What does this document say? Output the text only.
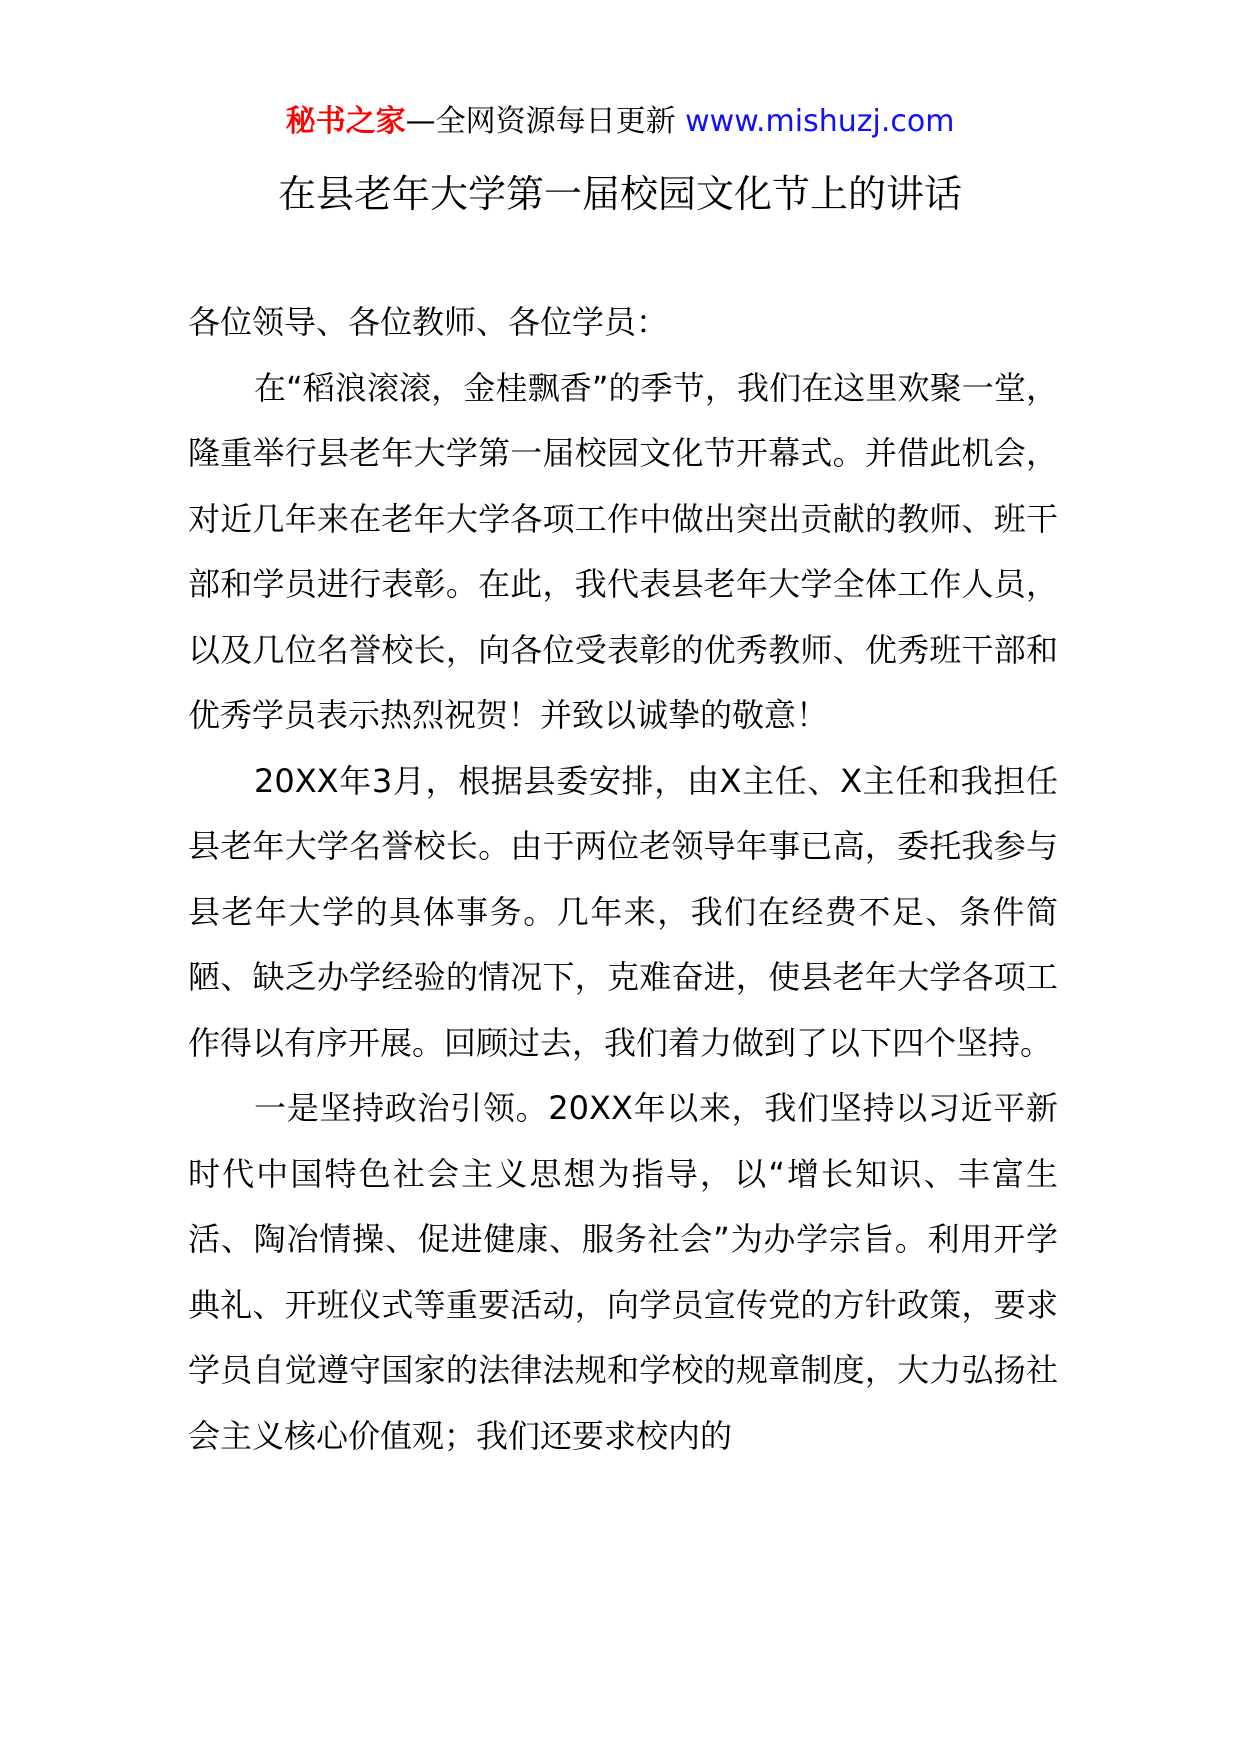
秘书之家—全网资源每日更新 www.mishuzj.com
在县老年大学第一届校园文化节上的讲话

各位领导、各位教师、各位学员：

在“稻浪滚滚，金桂飘香”的季节，我们在这里欢聚一堂，隆重举行县老年大学第一届校园文化节开幕式。并借此机会，对近几年来在老年大学各项工作中做出突出贡献的教师、班干部和学员进行表彰。在此，我代表县老年大学全体工作人员，以及几位名誉校长，向各位受表彰的优秀教师、优秀班干部和优秀学员表示热烈祝贺！并致以诚挚的敬意！

20XX年3月，根据县委安排，由X主任、X主任和我担任县老年大学名誉校长。由于两位老领导年事已高，委托我参与县老年大学的具体事务。几年来，我们在经费不足、条件简陋、缺乏办学经验的情况下，克难奋进，使县老年大学各项工作得以有序开展。回顾过去，我们着力做到了以下四个坚持。

一是坚持政治引领。20XX年以来，我们坚持以习近平新时代中国特色社会主义思想为指导，以“增长知识、丰富生活、陶冶情操、促进健康、服务社会”为办学宗旨。利用开学典礼、开班仪式等重要活动，向学员宣传党的方针政策，要求学员自觉遵守国家的法律法规和学校的规章制度，大力弘扬社会主义核心价值观；我们还要求校内的
